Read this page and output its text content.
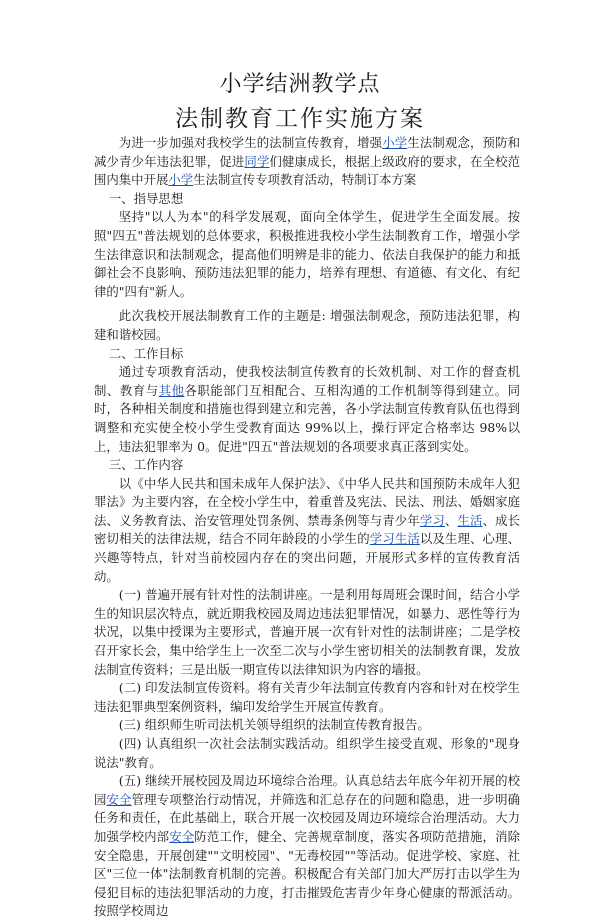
小学结洲教学点
法制教育工作实施方案

为进一步加强对我校学生的法制宣传教育，增强小学生法制观念，预防和减少青少年违法犯罪，促进同学们健康成长，根据上级政府的要求，在全校范围内集中开展小学生法制宣传专项教育活动，特制订本方案

一、指导思想

坚持"以人为本"的科学发展观，面向全体学生，促进学生全面发展。按照"四五"普法规划的总体要求，积极推进我校小学生法制教育工作，增强小学生法律意识和法制观念，提高他们明辨是非的能力、依法自我保护的能力和抵御社会不良影响、预防违法犯罪的能力，培养有理想、有道德、有文化、有纪律的"四有"新人。

此次我校开展法制教育工作的主题是: 增强法制观念，预防违法犯罪，构建和谐校园。

二、工作目标

通过专项教育活动，使我校法制宣传教育的长效机制、对工作的督查机制、教育与其他各职能部门互相配合、互相沟通的工作机制等得到建立。同时，各种相关制度和措施也得到建立和完善，各小学法制宣传教育队伍也得到调整和充实使全校小学生受教育面达 99%以上，操行评定合格率达 98%以上，违法犯罪率为 0。促进"四五"普法规划的各项要求真正落到实处。

三、工作内容

以《中华人民共和国未成年人保护法》、《中华人民共和国预防未成年人犯罪法》为主要内容，在全校小学生中，着重普及宪法、民法、刑法、婚姻家庭法、义务教育法、治安管理处罚条例、禁毒条例等与青少年学习、生活、成长密切相关的法律法规，结合不同年龄段的小学生的学习生活以及生理、心理、兴趣等特点，针对当前校园内存在的突出问题，开展形式多样的宣传教育活动。

(一) 普遍开展有针对性的法制讲座。一是利用每周班会课时间，结合小学生的知识层次特点，就近期我校园及周边违法犯罪情况，如暴力、恶性等行为状况，以集中授课为主要形式，普遍开展一次有针对性的法制讲座；二是学校召开家长会，集中给学生上一次至二次与小学生密切相关的法制教育课，发放法制宣传资料；三是出版一期宣传以法律知识为内容的墙报。

(二) 印发法制宣传资料。将有关青少年法制宣传教育内容和针对在校学生违法犯罪典型案例资料，编印发给学生开展宣传教育。

(三) 组织师生听司法机关领导组织的法制宣传教育报告。

(四) 认真组织一次社会法制实践活动。组织学生接受直观、形象的"现身说法"教育。

(五) 继续开展校园及周边环境综合治理。认真总结去年底今年初开展的校园安全管理专项整治行动情况，并筛选和汇总存在的问题和隐患，进一步明确任务和责任，在此基础上，联合开展一次校园及周边环境综合治理活动。大力加强学校内部安全防范工作，健全、完善规章制度，落实各项防范措施，消除安全隐患，开展创建""文明校园"、"无毒校园""等活动。促进学校、家庭、社区"三位一体"法制教育机制的完善。积极配合有关部门加大严厉打击以学生为侵犯目标的违法犯罪活动的力度，打击摧毁危害青少年身心健康的帮派活动。按照学校周边
